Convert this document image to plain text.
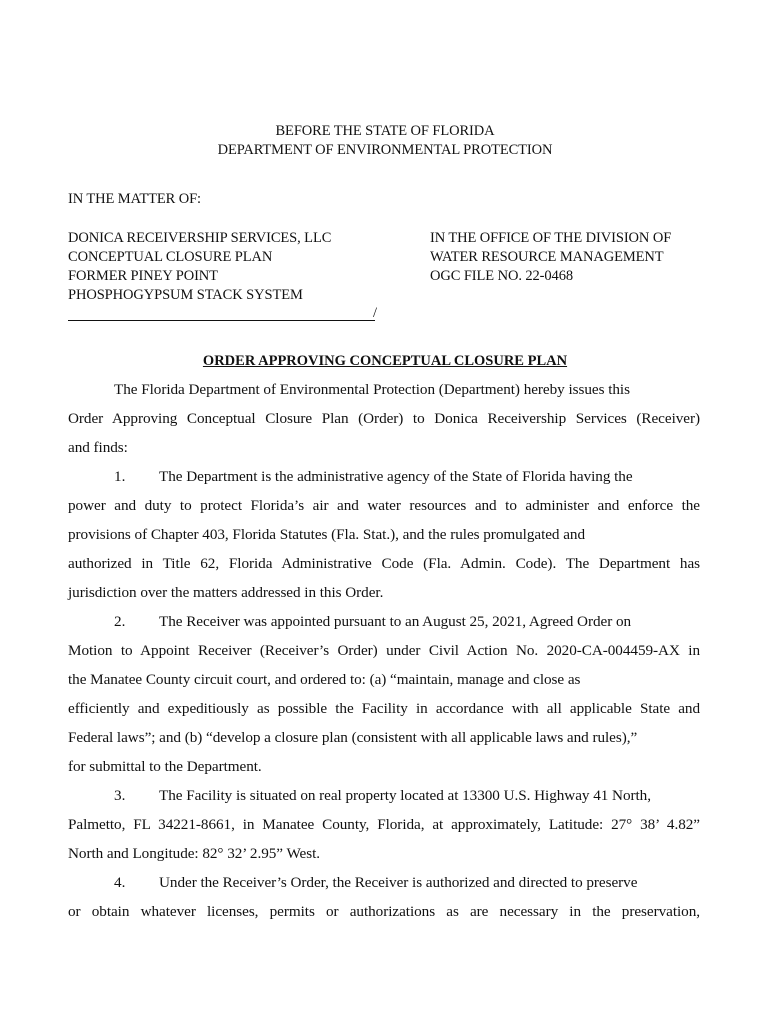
BEFORE THE STATE OF FLORIDA
DEPARTMENT OF ENVIRONMENTAL PROTECTION
IN THE MATTER OF:
DONICA RECEIVERSHIP SERVICES, LLC
CONCEPTUAL CLOSURE PLAN
FORMER PINEY POINT
PHOSPHOGYPSUM STACK SYSTEM
/
IN THE OFFICE OF THE DIVISION OF
WATER RESOURCE MANAGEMENT
OGC FILE NO. 22-0468
ORDER APPROVING CONCEPTUAL CLOSURE PLAN
The Florida Department of Environmental Protection (Department) hereby issues this
Order Approving Conceptual Closure Plan (Order) to Donica Receivership Services (Receiver)
and finds:
1. The Department is the administrative agency of the State of Florida having the
power and duty to protect Florida’s air and water resources and to administer and enforce the
provisions of Chapter 403, Florida Statutes (Fla. Stat.), and the rules promulgated and
authorized in Title 62, Florida Administrative Code (Fla. Admin. Code). The Department has
jurisdiction over the matters addressed in this Order.
2. The Receiver was appointed pursuant to an August 25, 2021, Agreed Order on
Motion to Appoint Receiver (Receiver’s Order) under Civil Action No. 2020-CA-004459-AX in
the Manatee County circuit court, and ordered to: (a) “maintain, manage and close as
efficiently and expeditiously as possible the Facility in accordance with all applicable State and
Federal laws”; and (b) “develop a closure plan (consistent with all applicable laws and rules),”
for submittal to the Department.
3. The Facility is situated on real property located at 13300 U.S. Highway 41 North,
Palmetto, FL 34221-8661, in Manatee County, Florida, at approximately, Latitude: 27° 38’ 4.82”
North and Longitude: 82° 32’ 2.95” West.
4. Under the Receiver’s Order, the Receiver is authorized and directed to preserve
or obtain whatever licenses, permits or authorizations as are necessary in the preservation,
